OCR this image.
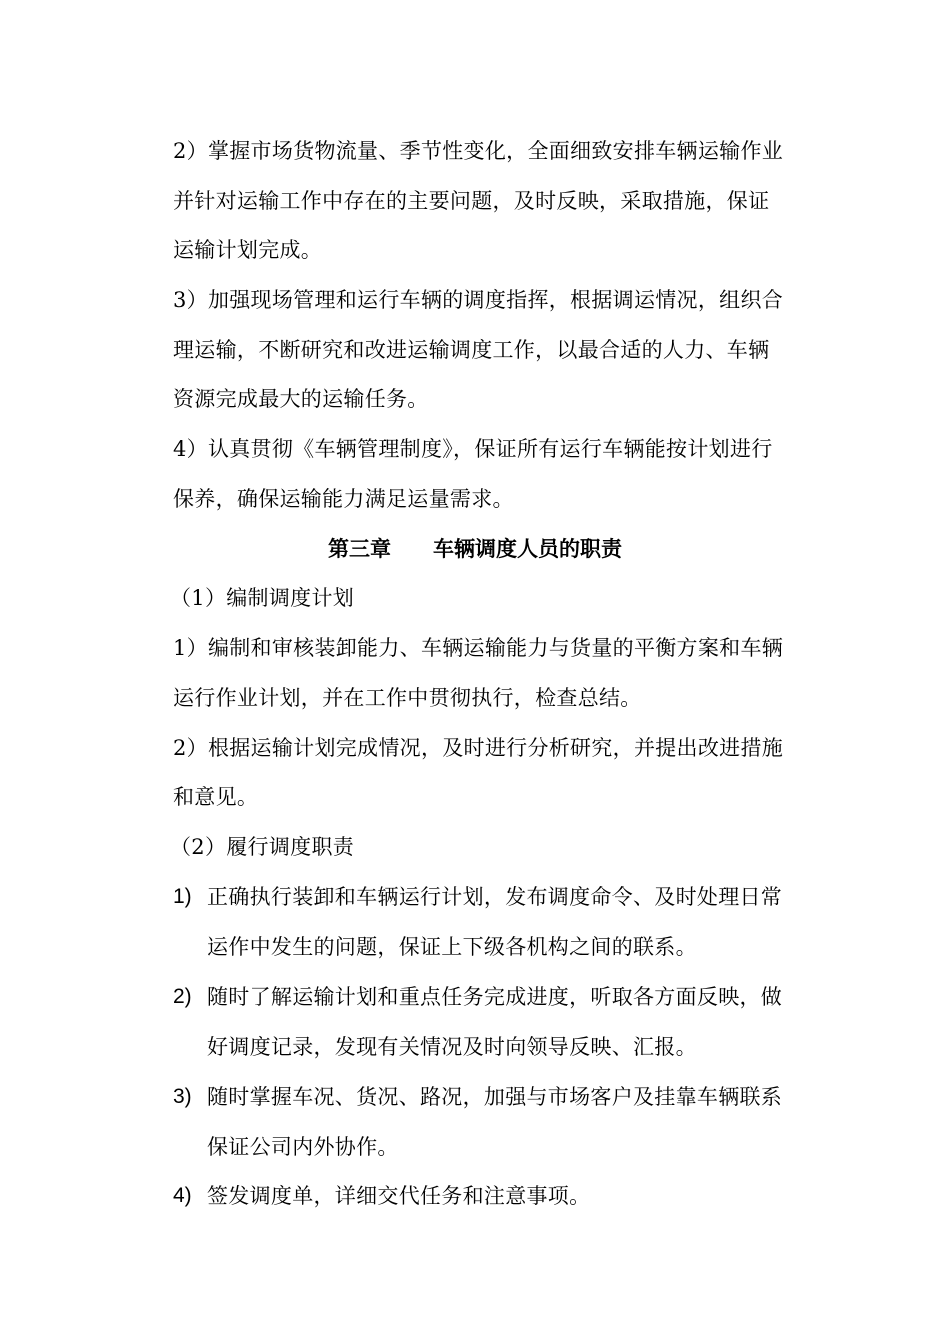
2）掌握市场货物流量、季节性变化，全面细致安排车辆运输作业
并针对运输工作中存在的主要问题，及时反映，采取措施，保证
运输计划完成。
3）加强现场管理和运行车辆的调度指挥，根据调运情况，组织合
理运输，不断研究和改进运输调度工作，以最合适的人力、车辆
资源完成最大的运输任务。
4）认真贯彻《车辆管理制度》，保证所有运行车辆能按计划进行
保养，确保运输能力满足运量需求。
第三章　　车辆调度人员的职责
（1）编制调度计划
1）编制和审核装卸能力、车辆运输能力与货量的平衡方案和车辆
运行作业计划，并在工作中贯彻执行，检查总结。
2）根据运输计划完成情况，及时进行分析研究，并提出改进措施
和意见。
（2）履行调度职责
1) 正确执行装卸和车辆运行计划，发布调度命令、及时处理日常
运作中发生的问题，保证上下级各机构之间的联系。
2) 随时了解运输计划和重点任务完成进度，听取各方面反映，做
好调度记录，发现有关情况及时向领导反映、汇报。
3) 随时掌握车况、货况、路况，加强与市场客户及挂靠车辆联系
保证公司内外协作。
4) 签发调度单，详细交代任务和注意事项。
